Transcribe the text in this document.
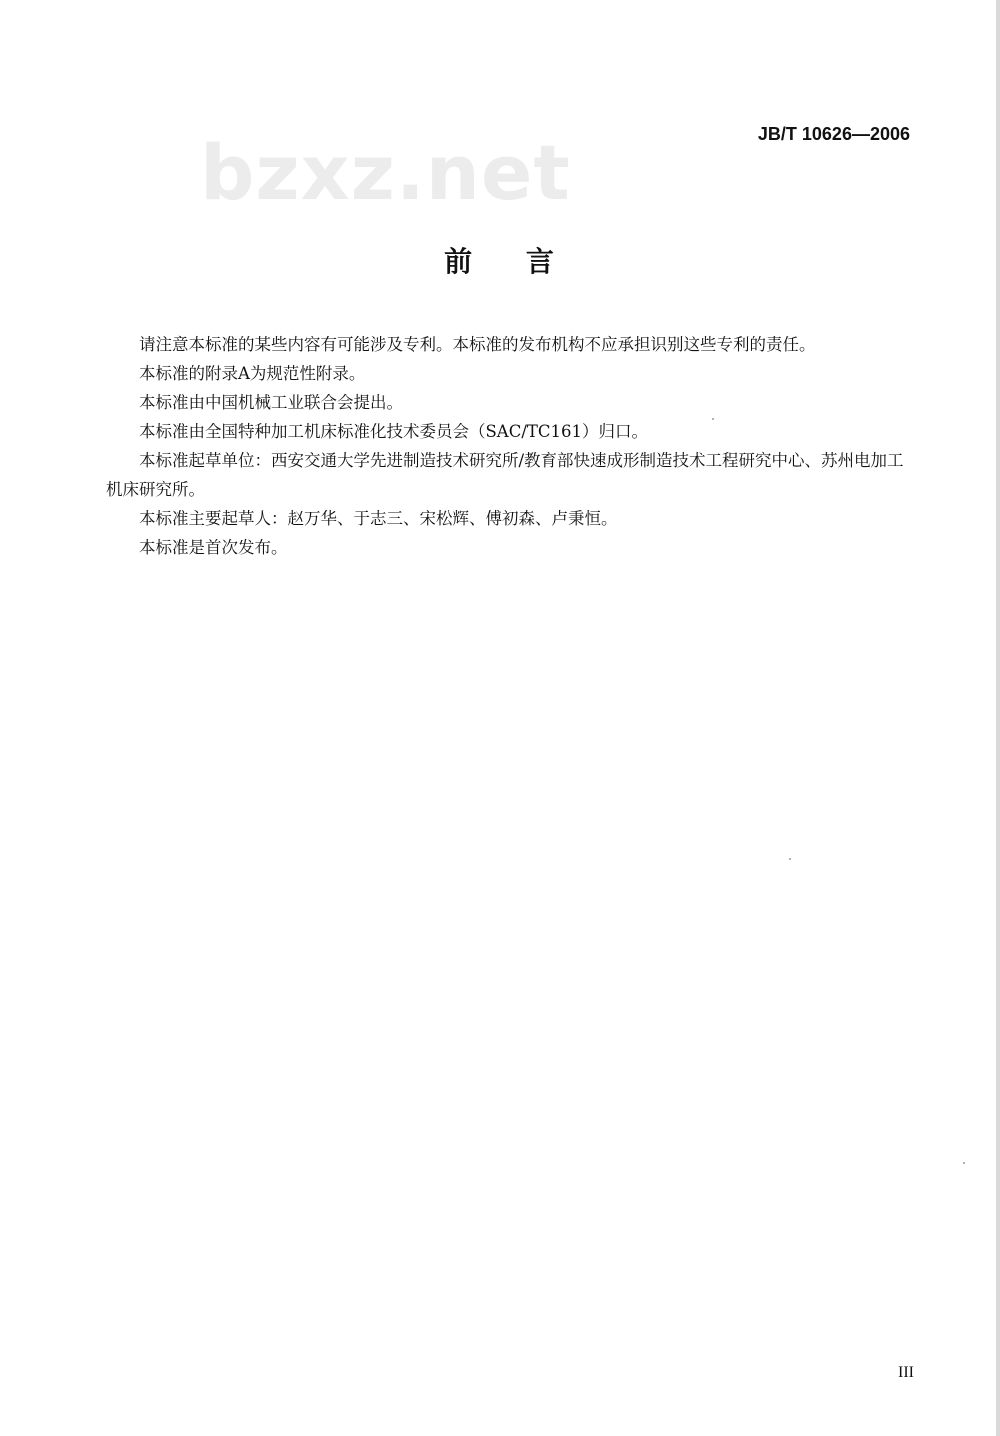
bzxz.net	JB/T 10626—2006
前 言

请注意本标准的某些内容有可能涉及专利。本标准的发布机构不应承担识别这些专利的责任。

本标准的附录A为规范性附录。

本标准由中国机械工业联合会提出。

本标准由全国特种加工机床标准化技术委员会（SAC/TC161）归口。

本标准起草单位：西安交通大学先进制造技术研究所/教育部快速成形制造技术工程研究中心、苏州电加工机床研究所。

本标准主要起草人：赵万华、于志三、宋松辉、傅初森、卢秉恒。

本标准是首次发布。

III
